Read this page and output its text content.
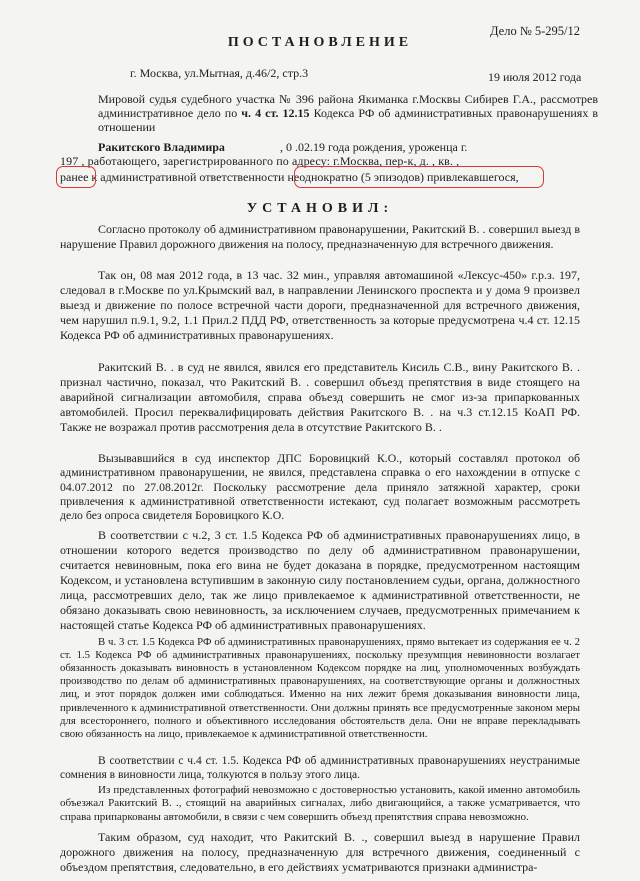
Дело № 5-295/12
ПОСТАНОВЛЕНИЕ
г. Москва, ул.Мытная, д.46/2, стр.3	19 июля 2012 года
Мировой судья судебного участка № 396 района Якиманка г.Москвы Сибирев Г.А., рассмотрев административное дело по ч. 4 ст. 12.15 Кодекса РФ об административных правонарушениях в отношении
Ракитского Владимира	, 0 .02.19 года рождения, уроженца г.
197 , работающего, зарегистрированного по адресу: г.Москва, пер-к, д. , кв. ,
ранее к административной ответственности неоднократно (5 эпизодов) привлекавшегося,
УСТАНОВИЛ:
Согласно протоколу об административном правонарушении, Ракитский В. . совершил выезд в нарушение Правил дорожного движения на полосу, предназначенную для встречного движения.
Так он, 08 мая 2012 года, в 13 час. 32 мин., управляя автомашиной «Лексус-450» г.р.з. 197, следовал в г.Москве по ул.Крымский вал, в направлении Ленинского проспекта и у дома 9 произвел выезд и движение по полосе встречной части дороги, предназначенной для встречного движения, чем нарушил п.9.1, 9.2, 1.1 Прил.2 ПДД РФ, ответственность за которые предусмотрена ч.4 ст. 12.15 Кодекса РФ об административных правонарушениях.
Ракитский В. . в суд не явился, явился его представитель Кисиль С.В., вину Ракитского В. . признал частично, показал, что Ракитский В. . совершил объезд препятствия в виде стоящего на аварийной сигнализации автомобиля, справа объезд совершить не смог из-за припаркованных автомобилей. Просил переквалифицировать действия Ракитского В. . на ч.3 ст.12.15 КоАП РФ. Также не возражал против рассмотрения дела в отсутствие Ракитского В. .
Вызывавшийся в суд инспектор ДПС Боровицкий К.О., который составлял протокол об административном правонарушении, не явился, представлена справка о его нахождении в отпуске с 04.07.2012 по 27.08.2012г. Поскольку рассмотрение дела приняло затяжной характер, сроки привлечения к административной ответственности истекают, суд полагает возможным рассмотреть дело без опроса свидетеля Боровицкого К.О.
В соответствии с ч.2, 3 ст. 1.5 Кодекса РФ об административных правонарушениях лицо, в отношении которого ведется производство по делу об административном правонарушении, считается невиновным, пока его вина не будет доказана в порядке, предусмотренном настоящим Кодексом, и установлена вступившим в законную силу постановлением судьи, органа, должностного лица, рассмотревших дело, так же лицо привлекаемое к административной ответственности, не обязано доказывать свою невиновность, за исключением случаев, предусмотренных примечанием к настоящей статье Кодекса РФ об административных правонарушениях.
В ч. 3 ст. 1.5 Кодекса РФ об административных правонарушениях, прямо вытекает из содержания ее ч. 2 ст. 1.5 Кодекса РФ об административных правонарушениях, поскольку презумпция невиновности возлагает обязанность доказывать виновность в установленном Кодексом порядке на лиц, уполномоченных возбуждать производство по делам об административных правонарушениях, на соответствующие органы и должностных лиц, и этот порядок должен ими соблюдаться. Именно на них лежит бремя доказывания виновности лица, привлеченного к административной ответственности. Они должны принять все предусмотренные законом меры для всестороннего, полного и объективного исследования обстоятельств дела. Они не вправе перекладывать свою обязанность на лицо, привлекаемое к административной ответственности.
В соответствии с ч.4 ст. 1.5. Кодекса РФ об административных правонарушениях неустранимые сомнения в виновности лица, толкуются в пользу этого лица.
Из представленных фотографий невозможно с достоверностью установить, какой именно автомобиль объезжал Ракитский В. ., стоящий на аварийных сигналах, либо двигающийся, а также усматривается, что справа припаркованы автомобили, в связи с чем совершить объезд препятствия справа невозможно.
Таким образом, суд находит, что Ракитский В. ., совершил выезд в нарушение Правил дорожного движения на полосу, предназначенную для встречного движения, соединенный с объездом препятствия, следовательно, в его действиях усматриваются признаки администра-
